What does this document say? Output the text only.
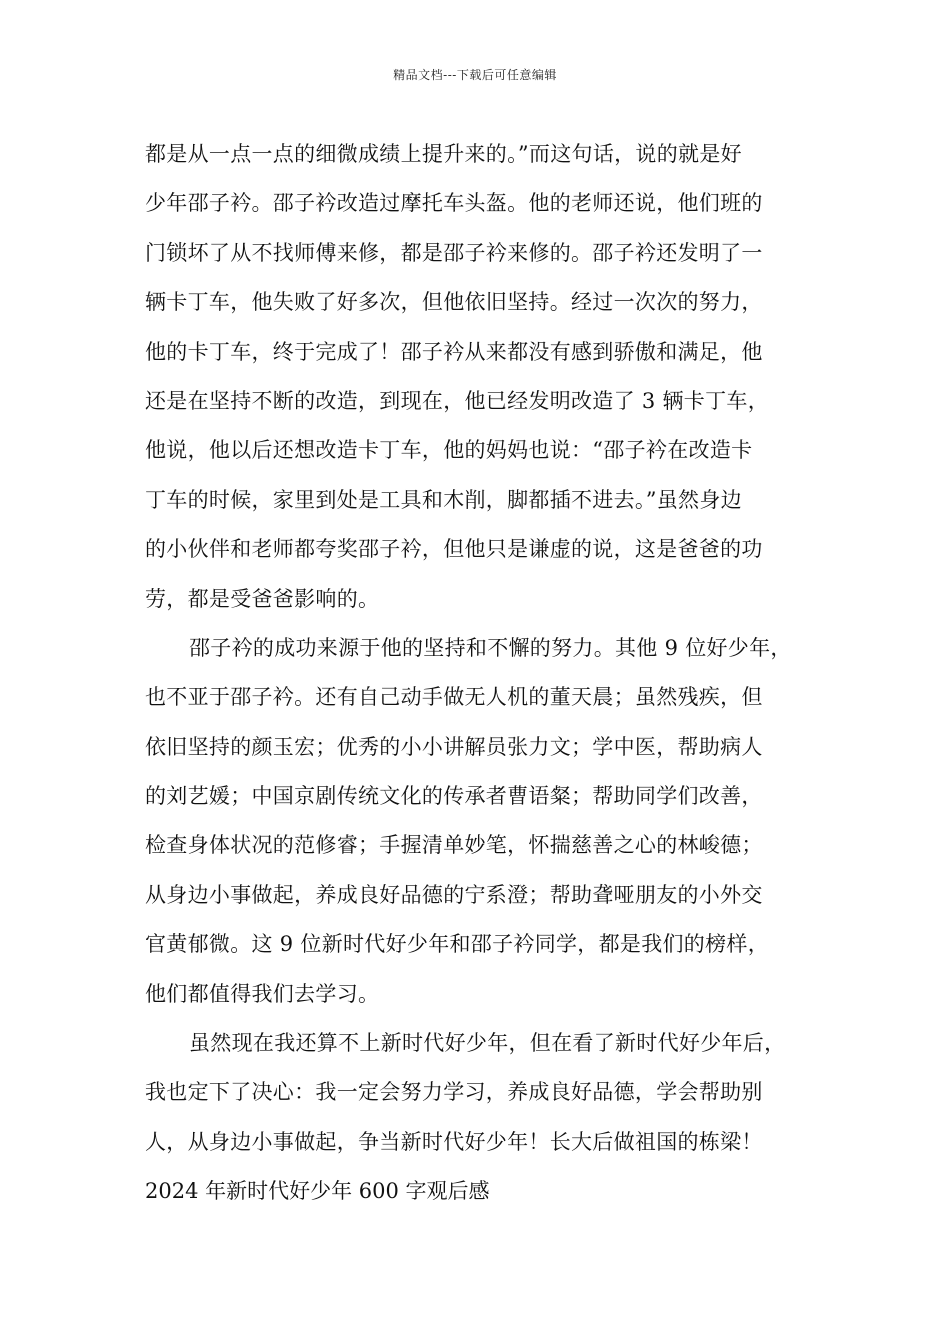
精品文档---下载后可任意编辑
都是从一点一点的细微成绩上提升来的。”而这句话，说的就是好
少年邵子衿。邵子衿改造过摩托车头盔。他的老师还说，他们班的
门锁坏了从不找师傅来修，都是邵子衿来修的。邵子衿还发明了一
辆卡丁车，他失败了好多次，但他依旧坚持。经过一次次的努力，
他的卡丁车，终于完成了！邵子衿从来都没有感到骄傲和满足，他
还是在坚持不断的改造，到现在，他已经发明改造了 3 辆卡丁车，
他说，他以后还想改造卡丁车，他的妈妈也说：“邵子衿在改造卡
丁车的时候，家里到处是工具和木削，脚都插不进去。”虽然身边
的小伙伴和老师都夸奖邵子衿，但他只是谦虚的说，这是爸爸的功
劳，都是受爸爸影响的。
邵子衿的成功来源于他的坚持和不懈的努力。其他 9 位好少年，
也不亚于邵子衿。还有自己动手做无人机的董天晨；虽然残疾，但
依旧坚持的颜玉宏；优秀的小小讲解员张力文；学中医，帮助病人
的刘艺媛；中国京剧传统文化的传承者曹语粲；帮助同学们改善，
检查身体状况的范修睿；手握清单妙笔，怀揣慈善之心的林峻德；
从身边小事做起，养成良好品德的宁系澄；帮助聋哑朋友的小外交
官黄郁微。这 9 位新时代好少年和邵子衿同学，都是我们的榜样，
他们都值得我们去学习。
虽然现在我还算不上新时代好少年，但在看了新时代好少年后，
我也定下了决心：我一定会努力学习，养成良好品德，学会帮助别
人，从身边小事做起，争当新时代好少年！长大后做祖国的栋梁！
2024 年新时代好少年 600 字观后感
